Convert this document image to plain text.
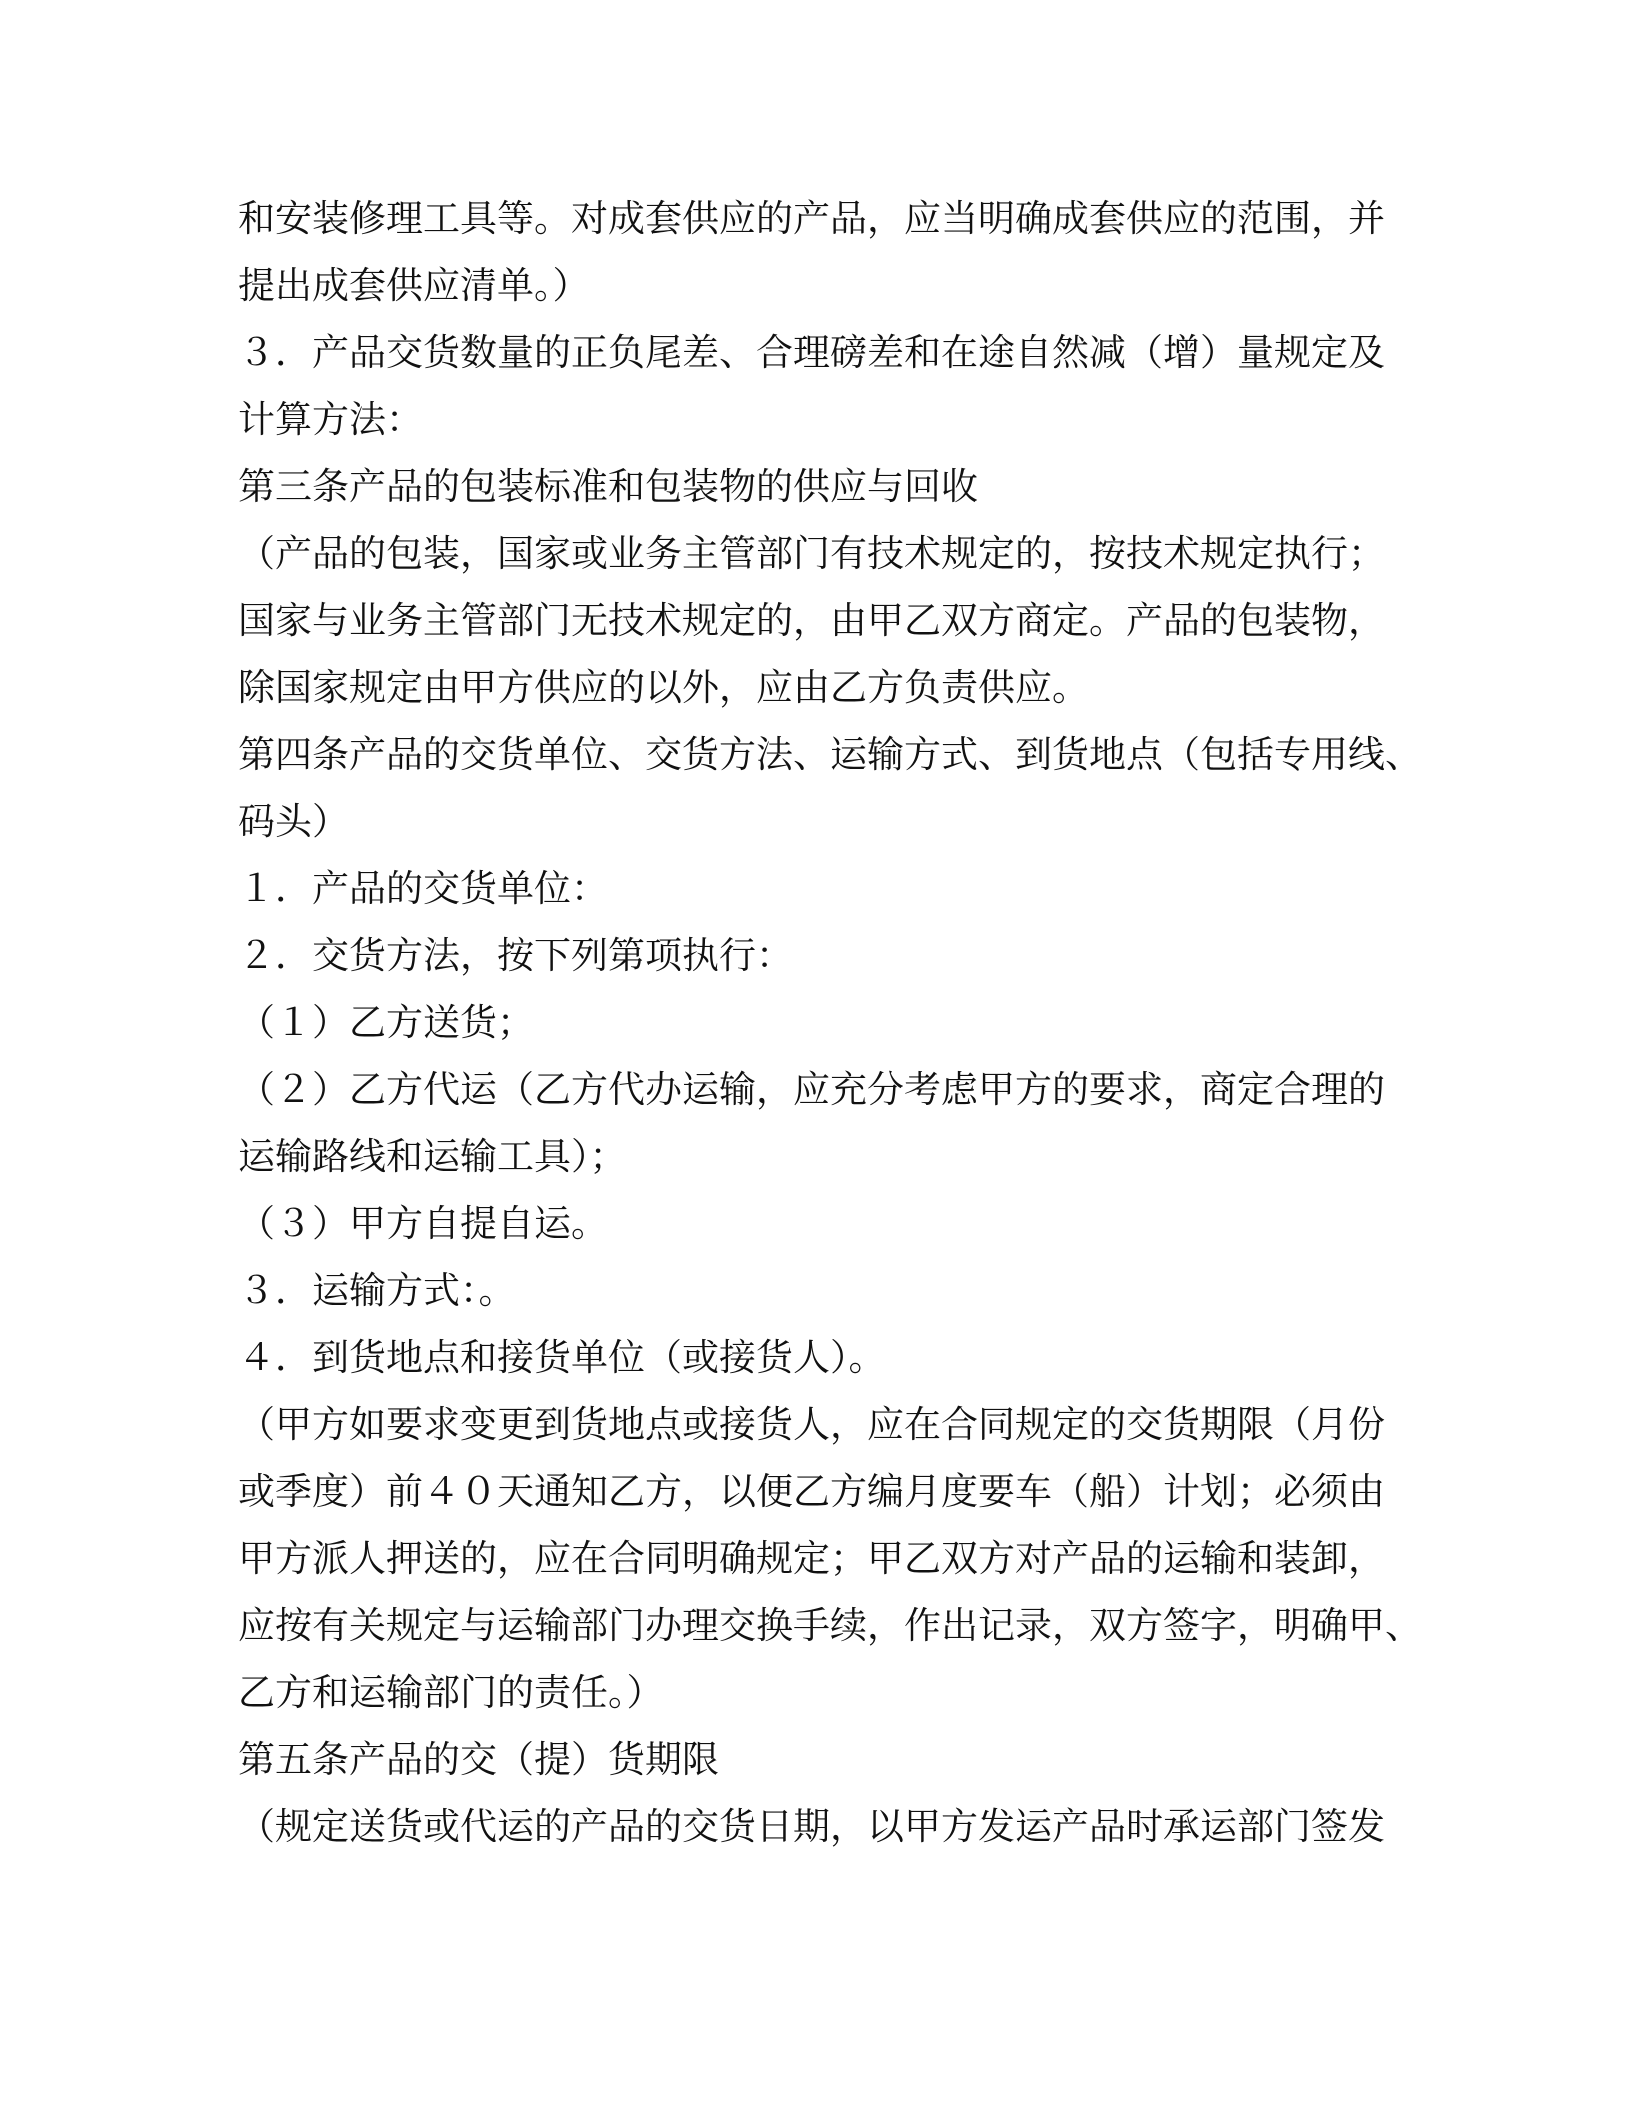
和安装修理工具等。对成套供应的产品，应当明确成套供应的范围，并
提出成套供应清单。）
３．产品交货数量的正负尾差、合理磅差和在途自然减（增）量规定及
计算方法：
第三条产品的包装标准和包装物的供应与回收
（产品的包装，国家或业务主管部门有技术规定的，按技术规定执行；
国家与业务主管部门无技术规定的，由甲乙双方商定。产品的包装物，
除国家规定由甲方供应的以外，应由乙方负责供应。
第四条产品的交货单位、交货方法、运输方式、到货地点（包括专用线、
码头）
１．产品的交货单位：
２．交货方法，按下列第项执行：
（１）乙方送货；
（２）乙方代运（乙方代办运输，应充分考虑甲方的要求，商定合理的
运输路线和运输工具）；
（３）甲方自提自运。
３．运输方式：。
４．到货地点和接货单位（或接货人）。
（甲方如要求变更到货地点或接货人，应在合同规定的交货期限（月份
或季度）前４０天通知乙方，以便乙方编月度要车（船）计划；必须由
甲方派人押送的，应在合同明确规定；甲乙双方对产品的运输和装卸，
应按有关规定与运输部门办理交换手续，作出记录，双方签字，明确甲、
乙方和运输部门的责任。）
第五条产品的交（提）货期限
（规定送货或代运的产品的交货日期，以甲方发运产品时承运部门签发
